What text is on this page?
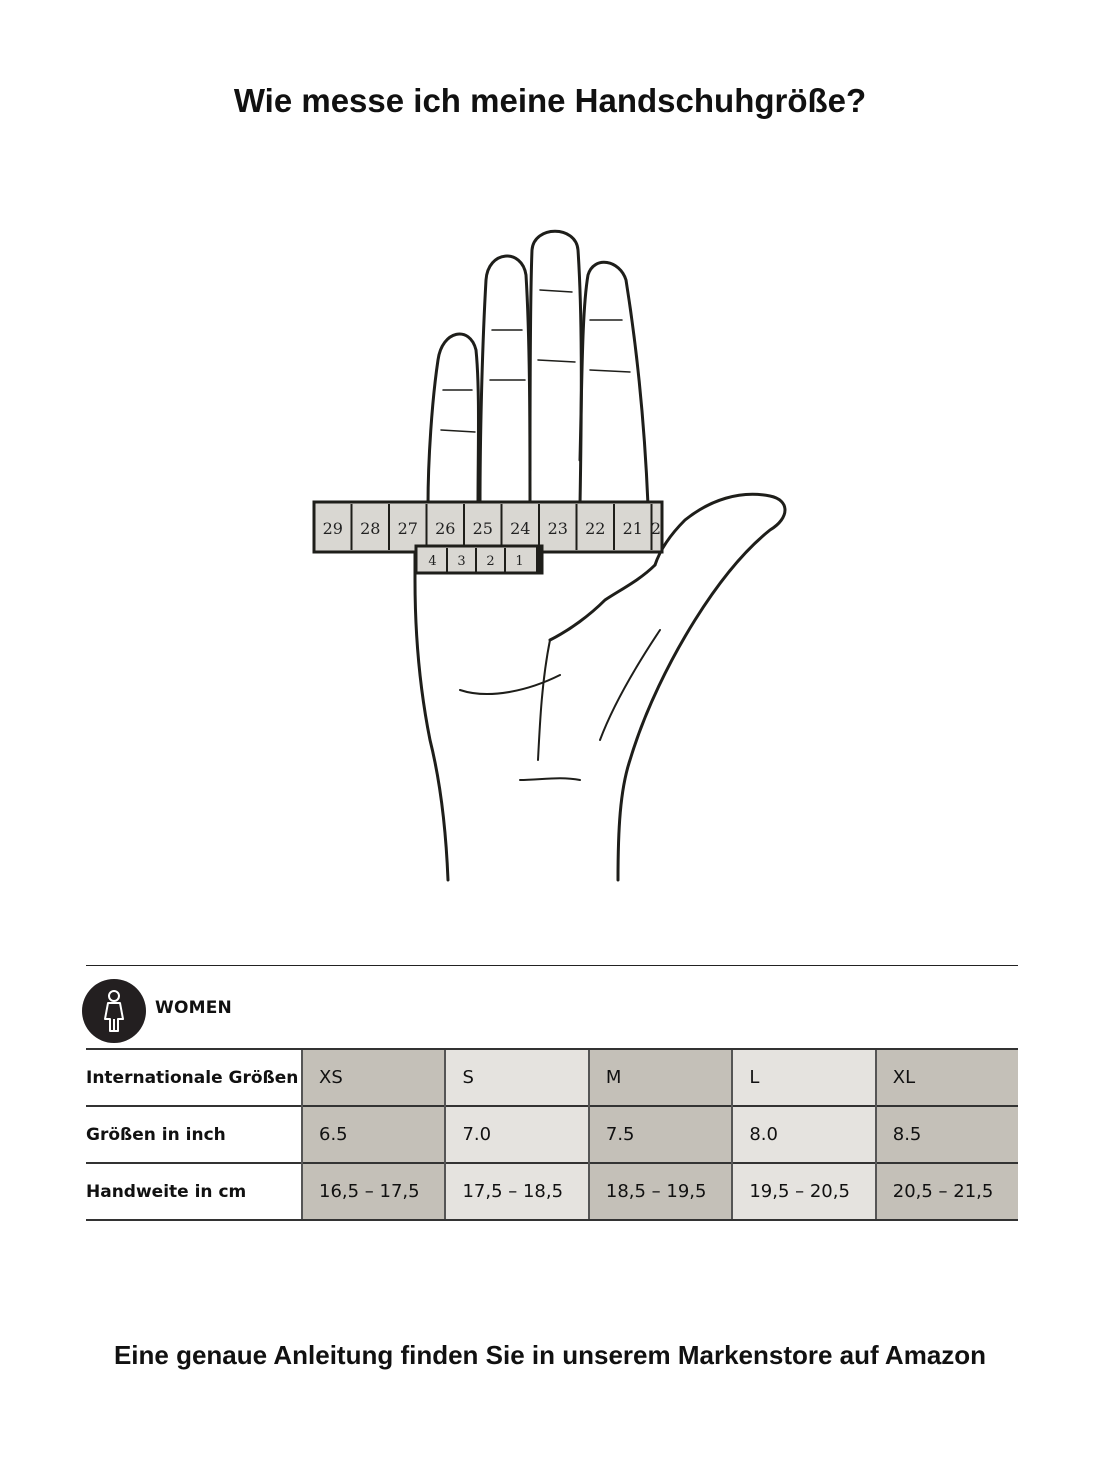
Wie messe ich meine Handschuhgröße?
29 28 27 26 25 24 23 22 21 2
4 3 2 1
WOMEN
Internationale Größen	XS	S	M	L	XL
Größen in inch	6.5	7.0	7.5	8.0	8.5
Handweite in cm	16,5 – 17,5	17,5 – 18,5	18,5 – 19,5	19,5 – 20,5	20,5 – 21,5
Eine genaue Anleitung finden Sie in unserem Markenstore auf Amazon
